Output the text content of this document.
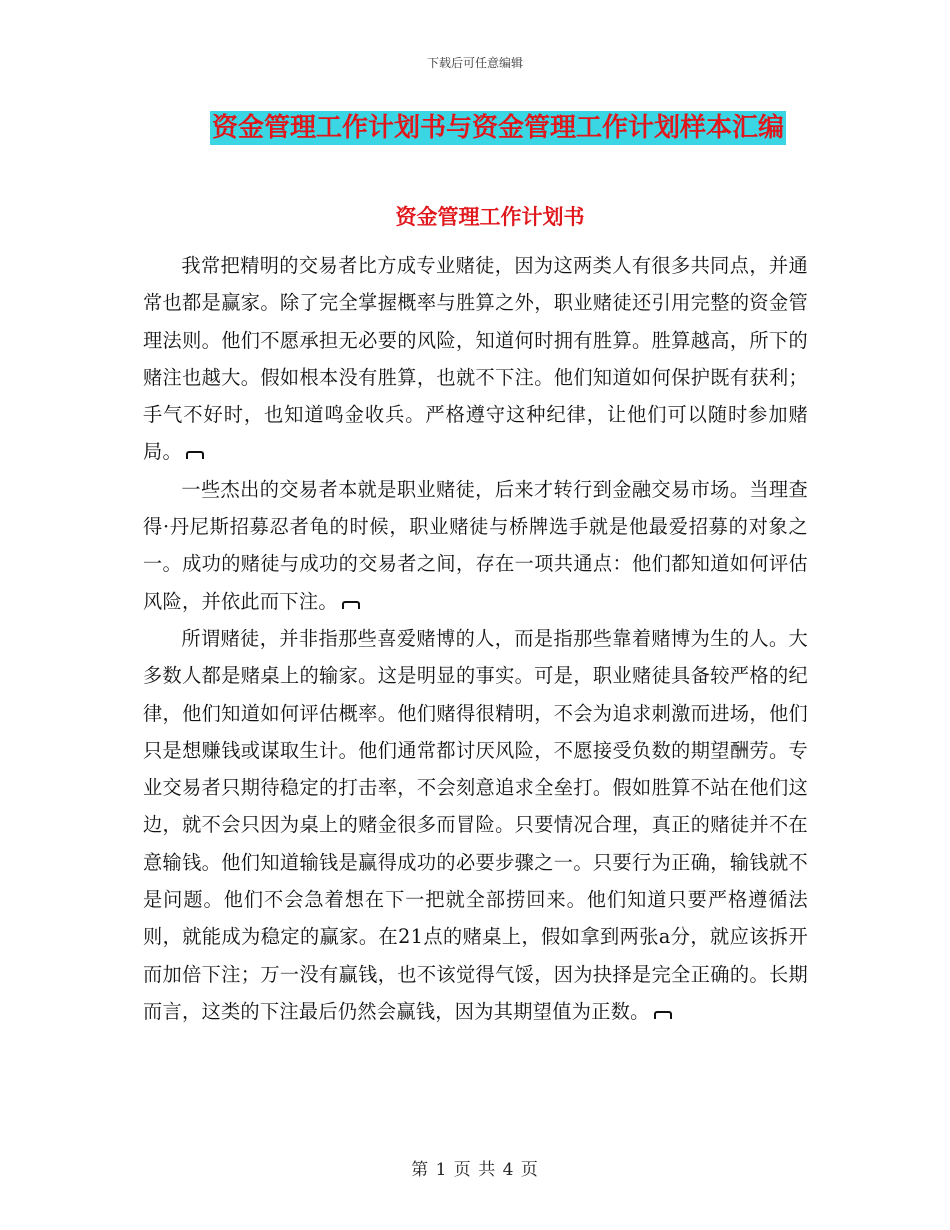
下载后可任意编辑
资金管理工作计划书与资金管理工作计划样本汇编
资金管理工作计划书

我常把精明的交易者比方成专业赌徒，因为这两类人有很多共同点，并通常也都是赢家。除了完全掌握概率与胜算之外，职业赌徒还引用完整的资金管理法则。他们不愿承担无必要的风险，知道何时拥有胜算。胜算越高，所下的赌注也越大。假如根本没有胜算，也就不下注。他们知道如何保护既有获利；手气不好时，也知道鸣金收兵。严格遵守这种纪律，让他们可以随时参加赌局。

一些杰出的交易者本就是职业赌徒，后来才转行到金融交易市场。当理查得·丹尼斯招募忍者龟的时候，职业赌徒与桥牌选手就是他最爱招募的对象之一。成功的赌徒与成功的交易者之间，存在一项共通点：他们都知道如何评估风险，并依此而下注。

所谓赌徒，并非指那些喜爱赌博的人，而是指那些靠着赌博为生的人。大多数人都是赌桌上的输家。这是明显的事实。可是，职业赌徒具备较严格的纪律，他们知道如何评估概率。他们赌得很精明，不会为追求刺激而进场，他们只是想赚钱或谋取生计。他们通常都讨厌风险，不愿接受负数的期望酬劳。专业交易者只期待稳定的打击率，不会刻意追求全垒打。假如胜算不站在他们这边，就不会只因为桌上的赌金很多而冒险。只要情况合理，真正的赌徒并不在意输钱。他们知道输钱是赢得成功的必要步骤之一。只要行为正确，输钱就不是问题。他们不会急着想在下一把就全部捞回来。他们知道只要严格遵循法则，就能成为稳定的赢家。在21点的赌桌上，假如拿到两张a分，就应该拆开而加倍下注；万一没有赢钱，也不该觉得气馁，因为抉择是完全正确的。长期而言，这类的下注最后仍然会赢钱，因为其期望值为正数。

第 1 页 共 4 页
